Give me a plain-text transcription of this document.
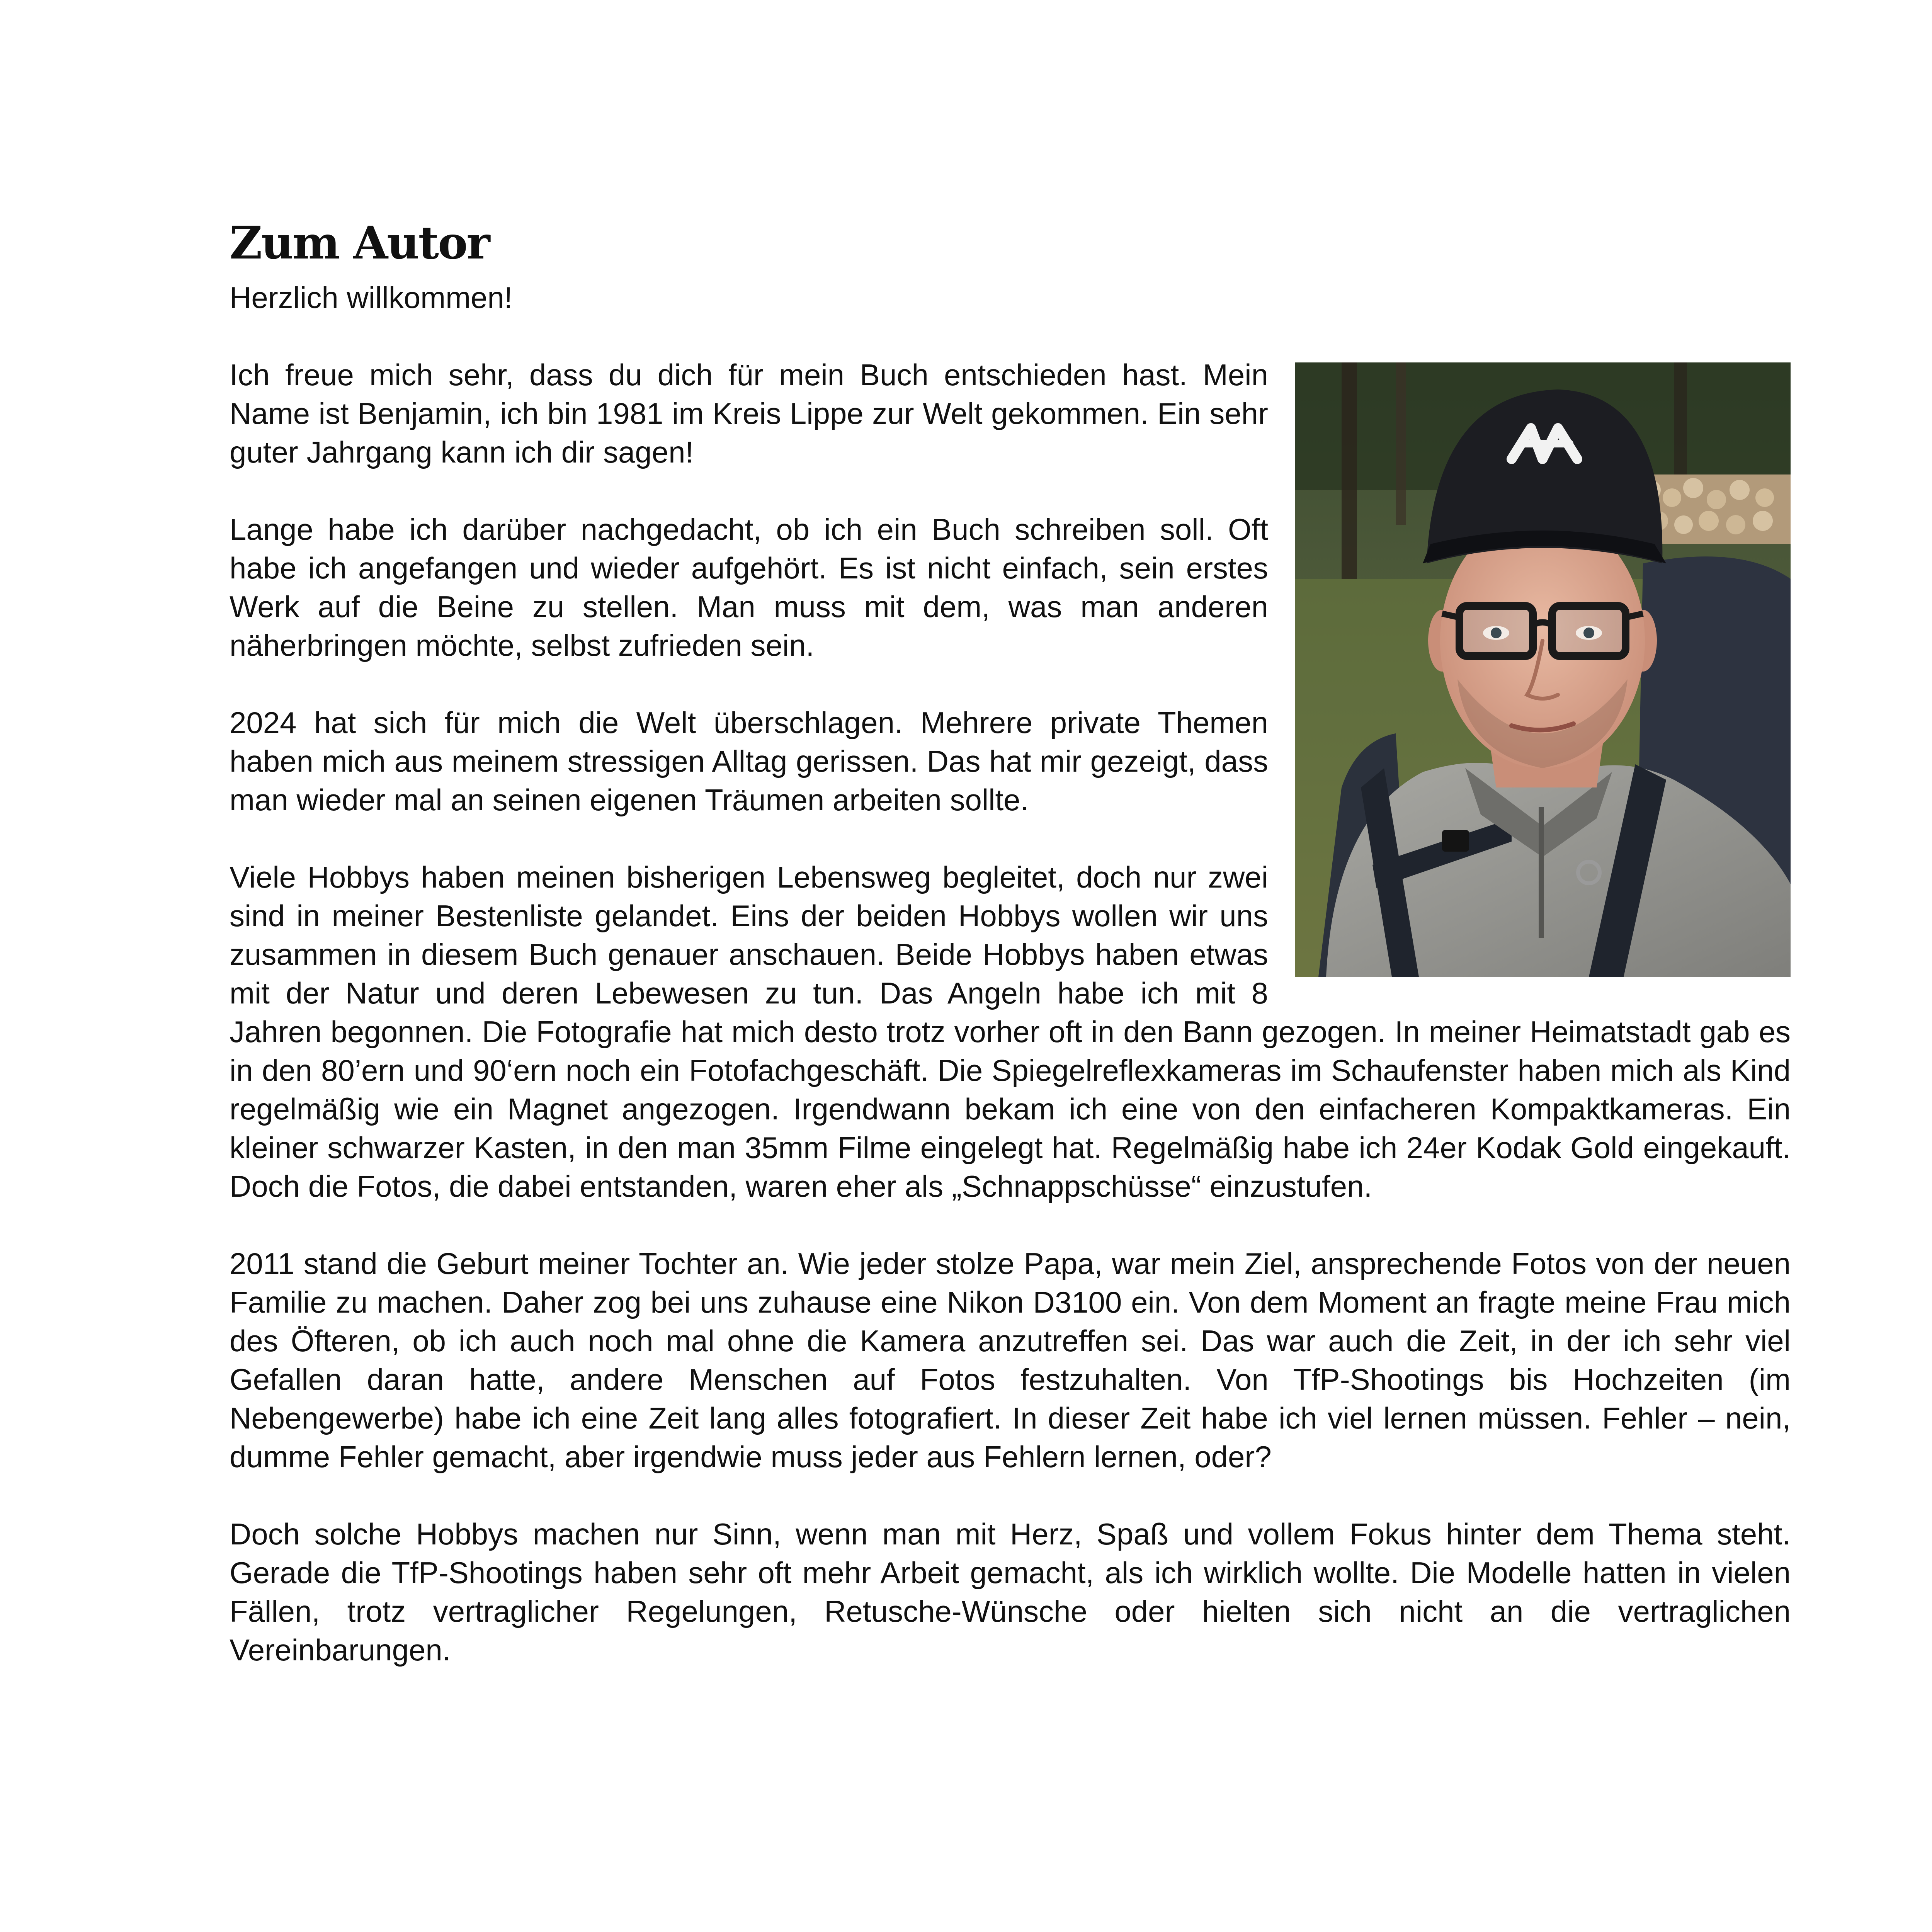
Zum Autor

Herzlich willkommen!

Ich freue mich sehr, dass du dich für mein Buch entschieden hast. Mein Name ist Benjamin, ich bin 1981 im Kreis Lippe zur Welt gekommen. Ein sehr guter Jahrgang kann ich dir sagen!

Lange habe ich darüber nachgedacht, ob ich ein Buch schreiben soll. Oft habe ich angefangen und wieder aufgehört. Es ist nicht einfach, sein erstes Werk auf die Beine zu stellen. Man muss mit dem, was man anderen näherbringen möchte, selbst zufrieden sein.

2024 hat sich für mich die Welt überschlagen. Mehrere private Themen haben mich aus meinem stressigen Alltag gerissen. Das hat mir gezeigt, dass man wieder mal an seinen eigenen Träumen arbeiten sollte.

Viele Hobbys haben meinen bisherigen Lebensweg begleitet, doch nur zwei sind in meiner Bestenliste gelandet. Eins der beiden Hobbys wollen wir uns zusammen in diesem Buch genauer anschauen. Beide Hobbys haben etwas mit der Natur und deren Lebewesen zu tun. Das Angeln habe ich mit 8 Jahren begonnen. Die Fotografie hat mich desto trotz vorher oft in den Bann gezogen. In meiner Heimatstadt gab es in den 80’ern und 90‘ern noch ein Fotofachgeschäft. Die Spiegelreflexkameras im Schaufenster haben mich als Kind regelmäßig wie ein Magnet angezogen. Irgendwann bekam ich eine von den einfacheren Kompaktkameras. Ein kleiner schwarzer Kasten, in den man 35mm Filme eingelegt hat. Regelmäßig habe ich 24er Kodak Gold eingekauft. Doch die Fotos, die dabei entstanden, waren eher als „Schnappschüsse“ einzustufen.

2011 stand die Geburt meiner Tochter an. Wie jeder stolze Papa, war mein Ziel, ansprechende Fotos von der neuen Familie zu machen. Daher zog bei uns zuhause eine Nikon D3100 ein. Von dem Moment an fragte meine Frau mich des Öfteren, ob ich auch noch mal ohne die Kamera anzutreffen sei. Das war auch die Zeit, in der ich sehr viel Gefallen daran hatte, andere Menschen auf Fotos festzuhalten. Von TfP-Shootings bis Hochzeiten (im Nebengewerbe) habe ich eine Zeit lang alles fotografiert. In dieser Zeit habe ich viel lernen müssen. Fehler – nein, dumme Fehler gemacht, aber irgendwie muss jeder aus Fehlern lernen, oder?

Doch solche Hobbys machen nur Sinn, wenn man mit Herz, Spaß und vollem Fokus hinter dem Thema steht. Gerade die TfP-Shootings haben sehr oft mehr Arbeit gemacht, als ich wirklich wollte. Die Modelle hatten in vielen Fällen, trotz vertraglicher Regelungen, Retusche-Wünsche oder hielten sich nicht an die vertraglichen Vereinbarungen.
